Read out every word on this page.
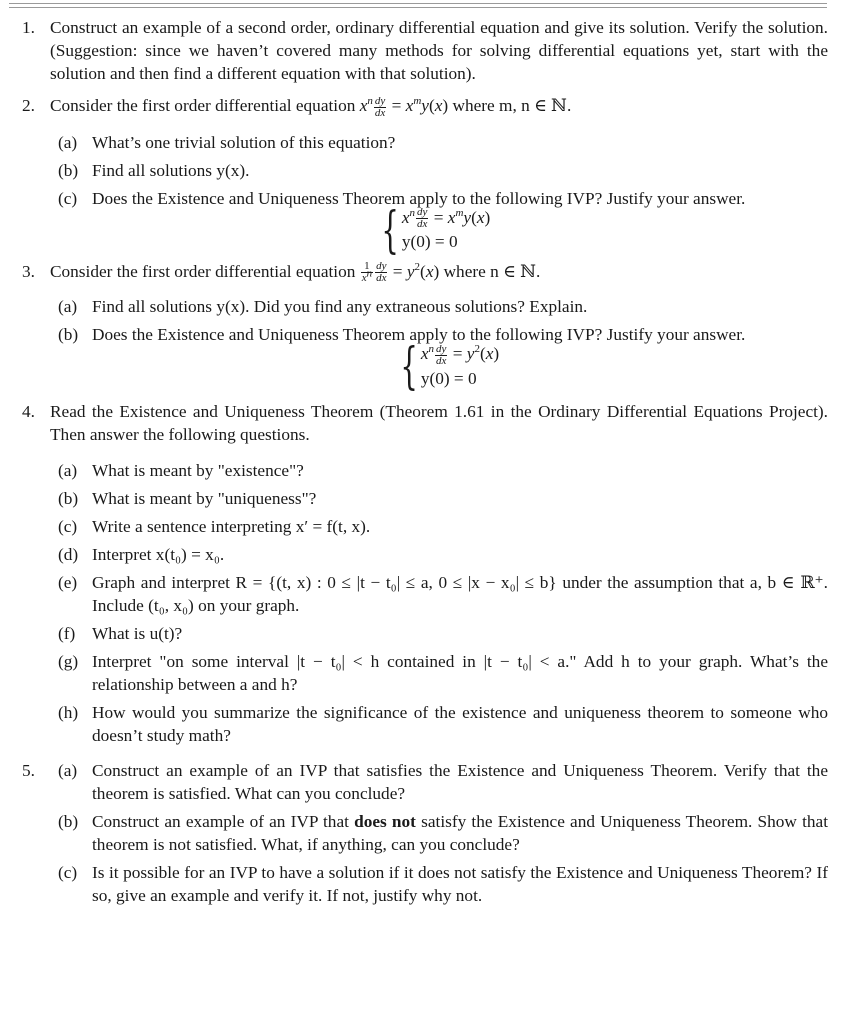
1. Construct an example of a second order, ordinary differential equation and give its solution. Verify the solution. (Suggestion: since we haven’t covered many methods for solving differential equations yet, start with the solution and then find a different equation with that solution).
2. Consider the first order differential equation $x^n \frac{dy}{dx} = x^my(x)$ where m, n ∈ ℕ.
(a) What’s one trivial solution of this equation?
(b) Find all solutions y(x).
(c) Does the Existence and Uniqueness Theorem apply to the following IVP? Justify your answer.
{ $x^n \frac{dy}{dx} = x^my(x)$
y(0) = 0
3. Consider the first order differential equation $\frac{1}{x^n} \frac{dy}{dx} = y^2(x)$ where n ∈ ℕ.
(a) Find all solutions y(x). Did you find any extraneous solutions? Explain.
(b) Does the Existence and Uniqueness Theorem apply to the following IVP? Justify your answer.
{ $x^n \frac{dy}{dx} = y^2(x)$
y(0) = 0
4. Read the Existence and Uniqueness Theorem (Theorem 1.61 in the Ordinary Differential Equations Project). Then answer the following questions.
(a) What is meant by "existence"?
(b) What is meant by "uniqueness"?
(c) Write a sentence interpreting x′ = f(t, x).
(d) Interpret x(t₀) = x₀.
(e) Graph and interpret R = {(t, x) : 0 ≤ |t − t₀| ≤ a, 0 ≤ |x − x₀| ≤ b} under the assumption that a, b ∈ ℝ⁺. Include (t₀, x₀) on your graph.
(f) What is u(t)?
(g) Interpret "on some interval |t − t₀| < h contained in |t − t₀| < a." Add h to your graph. What’s the relationship between a and h?
(h) How would you summarize the significance of the existence and uniqueness theorem to someone who doesn’t study math?
5.	(a) Construct an example of an IVP that satisfies the Existence and Uniqueness Theorem. Verify that the theorem is satisfied. What can you conclude?
(b) Construct an example of an IVP that does not satisfy the Existence and Uniqueness Theorem. Show that theorem is not satisfied. What, if anything, can you conclude?
(c) Is it possible for an IVP to have a solution if it does not satisfy the Existence and Uniqueness Theorem? If so, give an example and verify it. If not, justify why not.
